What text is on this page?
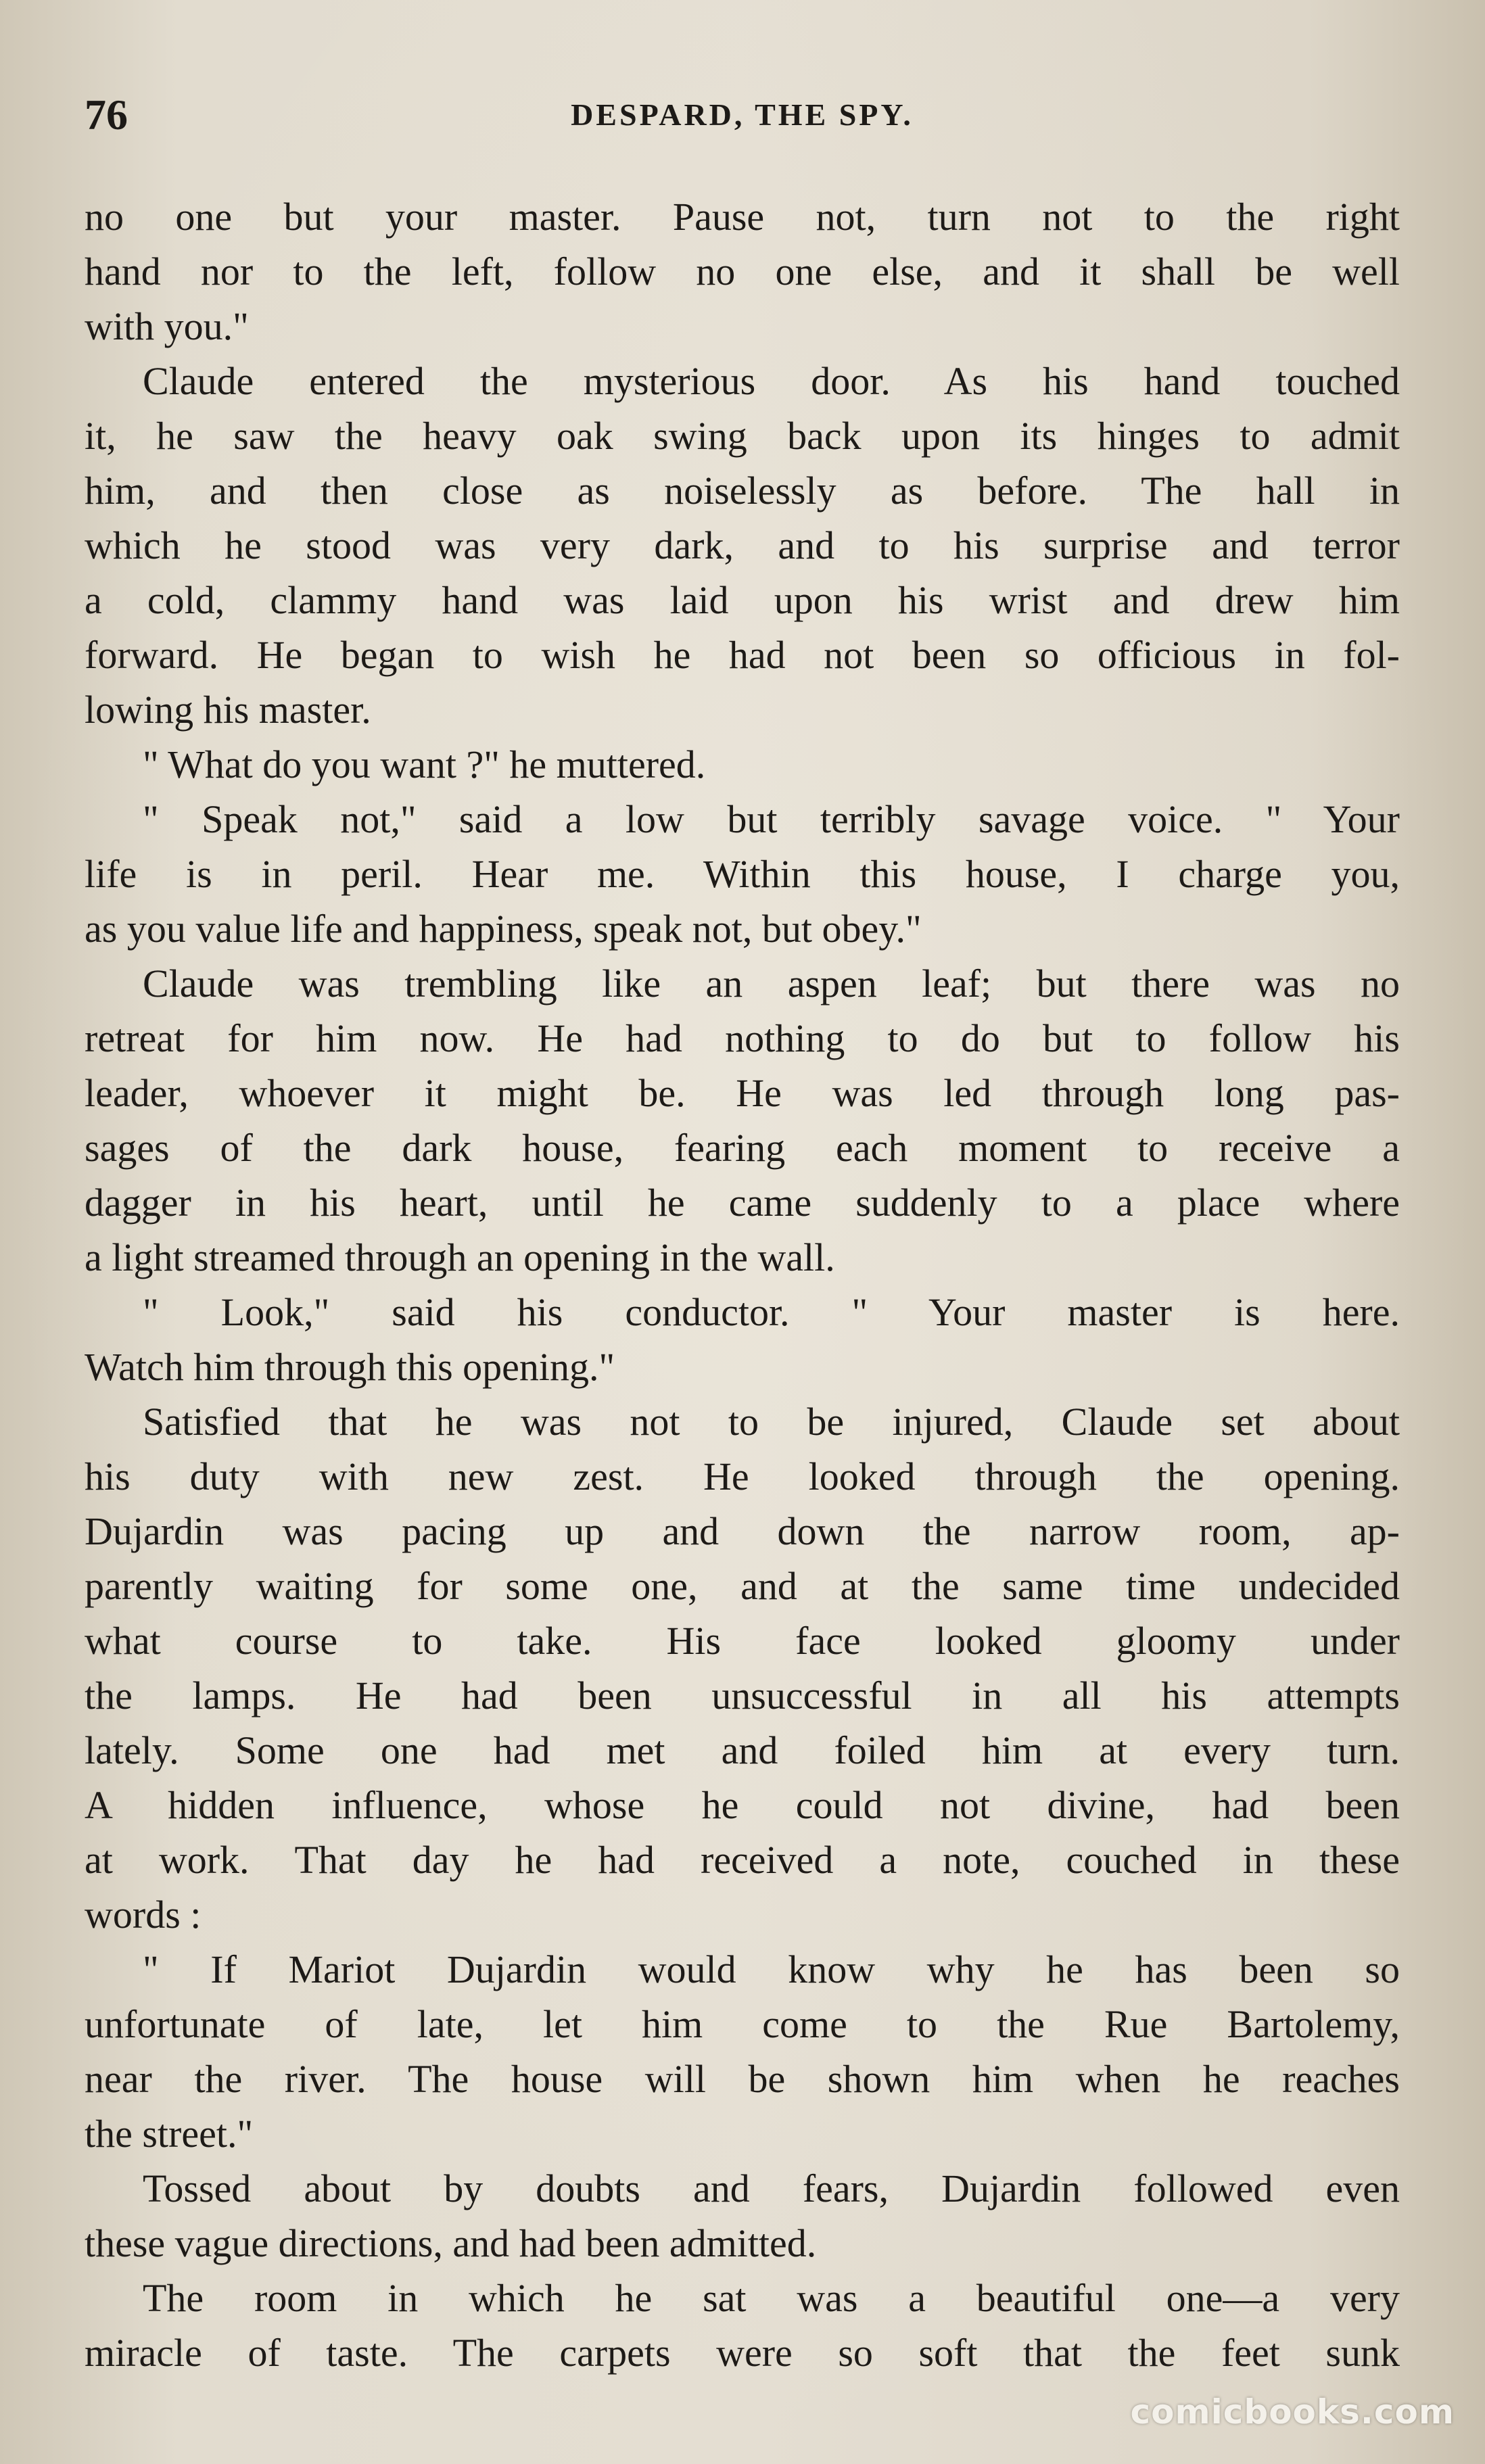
76	DESPARD, THE SPY.
no one but your master. Pause not, turn not to the right
hand nor to the left, follow no one else, and it shall be well
with you."
Claude entered the mysterious door. As his hand touched
it, he saw the heavy oak swing back upon its hinges to admit
him, and then close as noiselessly as before. The hall in
which he stood was very dark, and to his surprise and terror
a cold, clammy hand was laid upon his wrist and drew him
forward. He began to wish he had not been so officious in fol-
lowing his master.
" What do you want ?" he muttered.
" Speak not," said a low but terribly savage voice. " Your
life is in peril. Hear me. Within this house, I charge you,
as you value life and happiness, speak not, but obey."
Claude was trembling like an aspen leaf; but there was no
retreat for him now. He had nothing to do but to follow his
leader, whoever it might be. He was led through long pas-
sages of the dark house, fearing each moment to receive a
dagger in his heart, until he came suddenly to a place where
a light streamed through an opening in the wall.
" Look," said his conductor. " Your master is here.
Watch him through this opening."
Satisfied that he was not to be injured, Claude set about
his duty with new zest. He looked through the opening.
Dujardin was pacing up and down the narrow room, ap-
parently waiting for some one, and at the same time undecided
what course to take. His face looked gloomy under
the lamps. He had been unsuccessful in all his attempts
lately. Some one had met and foiled him at every turn.
A hidden influence, whose he could not divine, had been
at work. That day he had received a note, couched in these
words :
" If Mariot Dujardin would know why he has been so
unfortunate of late, let him come to the Rue Bartolemy,
near the river. The house will be shown him when he reaches
the street."
Tossed about by doubts and fears, Dujardin followed even
these vague directions, and had been admitted.
The room in which he sat was a beautiful one—a very
miracle of taste. The carpets were so soft that the feet sunk
comicbooks.com
